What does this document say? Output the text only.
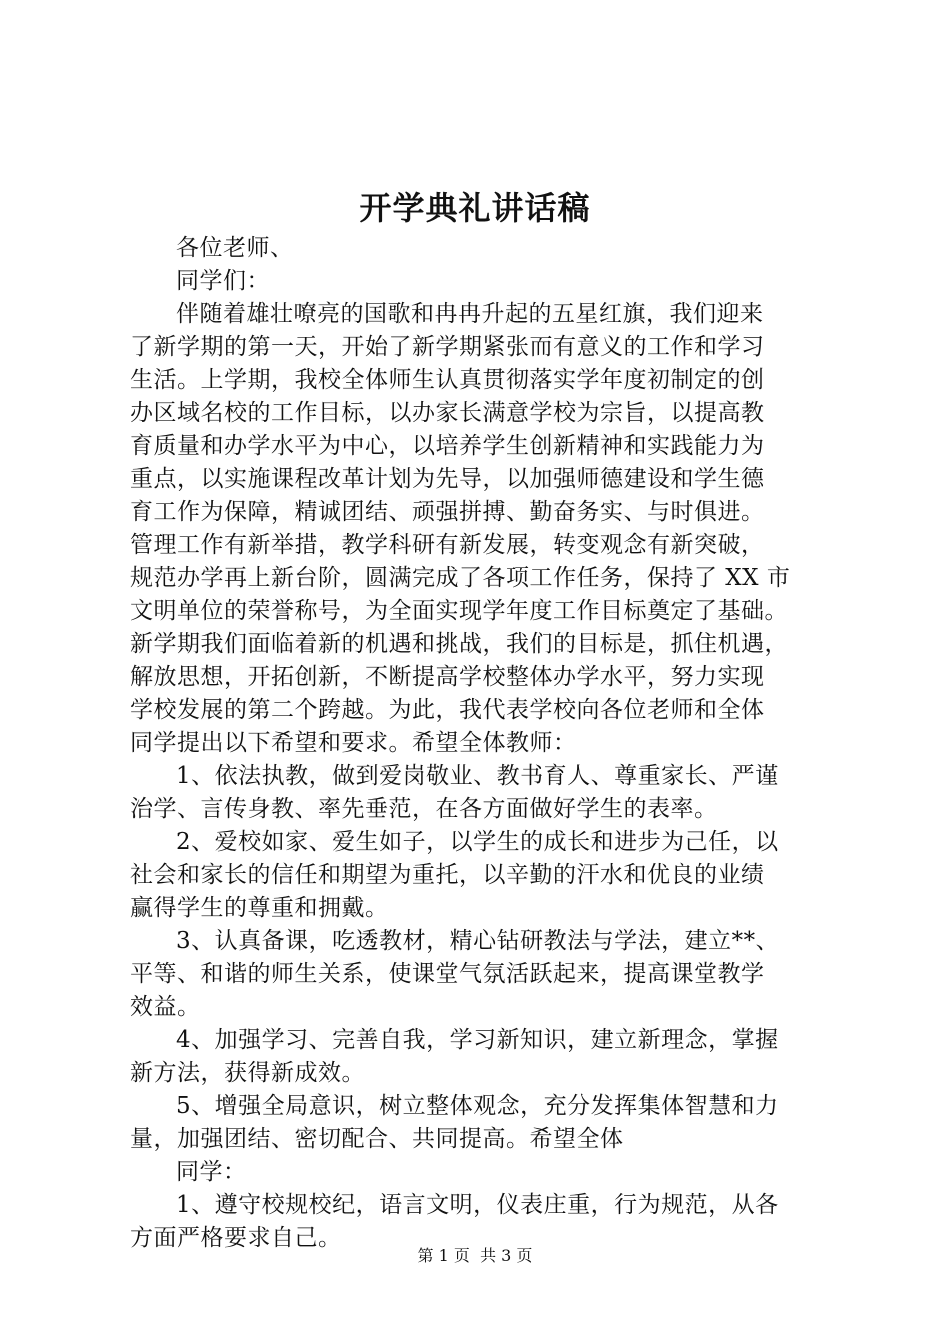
开学典礼讲话稿

各位老师、

同学们：

伴随着雄壮嘹亮的国歌和冉冉升起的五星红旗，我们迎来

了新学期的第一天，开始了新学期紧张而有意义的工作和学习

生活。上学期，我校全体师生认真贯彻落实学年度初制定的创

办区域名校的工作目标，以办家长满意学校为宗旨，以提高教

育质量和办学水平为中心，以培养学生创新精神和实践能力为

重点，以实施课程改革计划为先导，以加强师德建设和学生德

育工作为保障，精诚团结、顽强拼搏、勤奋务实、与时俱进。

管理工作有新举措，教学科研有新发展，转变观念有新突破，

规范办学再上新台阶，圆满完成了各项工作任务，保持了 XX 市

文明单位的荣誉称号，为全面实现学年度工作目标奠定了基础。

新学期我们面临着新的机遇和挑战，我们的目标是，抓住机遇，

解放思想，开拓创新，不断提高学校整体办学水平，努力实现

学校发展的第二个跨越。为此，我代表学校向各位老师和全体

同学提出以下希望和要求。希望全体教师：

1、依法执教，做到爱岗敬业、教书育人、尊重家长、严谨

治学、言传身教、率先垂范，在各方面做好学生的表率。

2、爱校如家、爱生如子，以学生的成长和进步为己任，以

社会和家长的信任和期望为重托，以辛勤的汗水和优良的业绩

赢得学生的尊重和拥戴。

3、认真备课，吃透教材，精心钻研教法与学法，建立**、

平等、和谐的师生关系，使课堂气氛活跃起来，提高课堂教学

效益。

4、加强学习、完善自我，学习新知识，建立新理念，掌握

新方法，获得新成效。

5、增强全局意识，树立整体观念，充分发挥集体智慧和力

量，加强团结、密切配合、共同提高。希望全体

同学：

1、遵守校规校纪，语言文明，仪表庄重，行为规范，从各

方面严格要求自己。

第 1 页  共 3 页
